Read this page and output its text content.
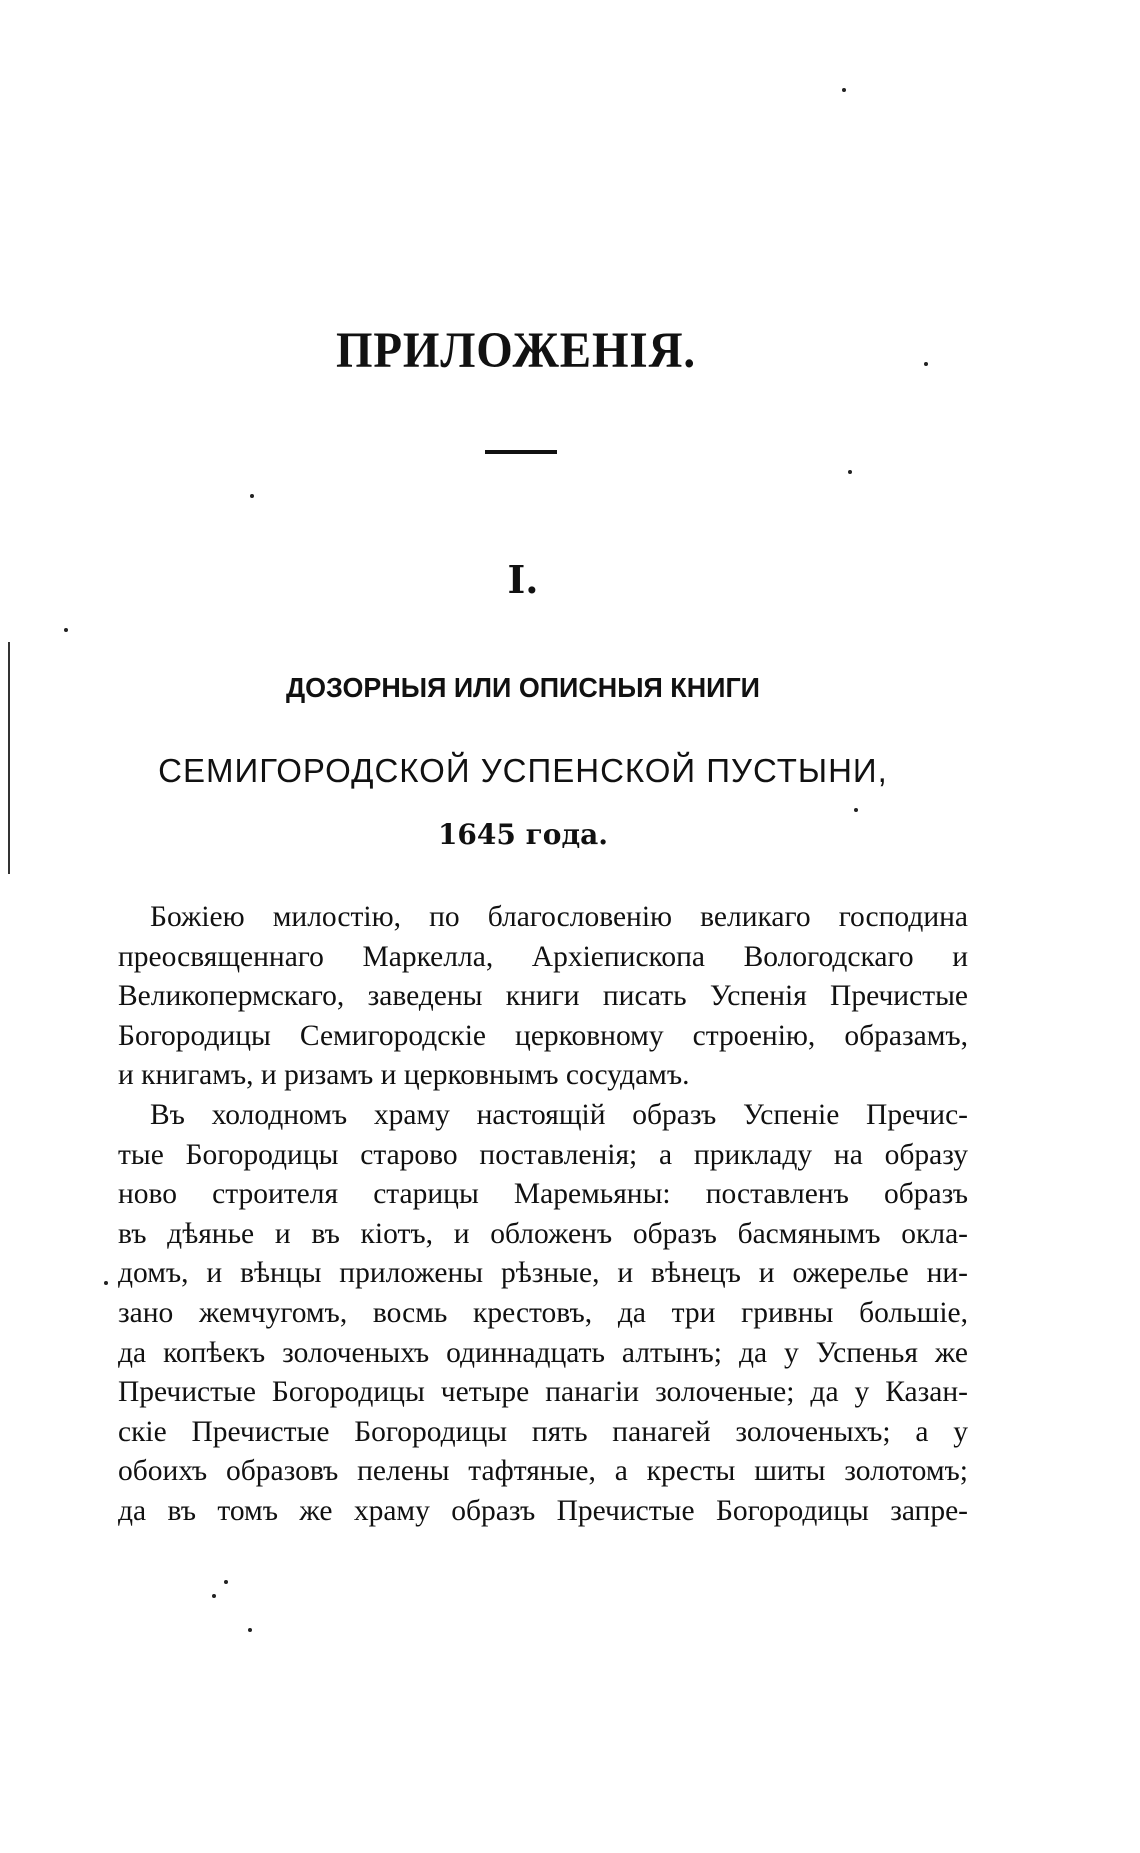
ПРИЛОЖЕНІЯ.
I.
ДОЗОРНЫЯ ИЛИ ОПИСНЫЯ КНИГИ
СЕМИГОРОДСКОЙ УСПЕНСКОЙ ПУСТЫНИ,

1645 года.

Божіею милостію, по благословенію великаго господина
преосвященнаго Маркелла, Архіепископа Вологодскаго и
Великопермскаго, заведены книги писать Успенія Пречистые
Богородицы Семигородскіе церковному строенію, образамъ,
и книгамъ, и ризамъ и церковнымъ сосудамъ.
Въ холодномъ храму настоящій образъ Успеніе Пречис-
тые Богородицы старово поставленія; а прикладу на образу
ново строителя старицы Маремьяны: поставленъ образъ
въ дѣянье и въ кіотъ, и обложенъ образъ басмянымъ окла-
домъ, и вѣнцы приложены рѣзные, и вѣнецъ и ожерелье ни-
зано жемчугомъ, восмь крестовъ, да три гривны большіе,
да копѣекъ золоченыхъ одиннадцать алтынъ; да у Успенья же
Пречистые Богородицы четыре панагіи золоченые; да у Казан-
скіе Пречистые Богородицы пять панагей золоченыхъ; а у
обоихъ образовъ пелены тафтяные, а кресты шиты золотомъ;
да въ томъ же храму образъ Пречистые Богородицы запре-
